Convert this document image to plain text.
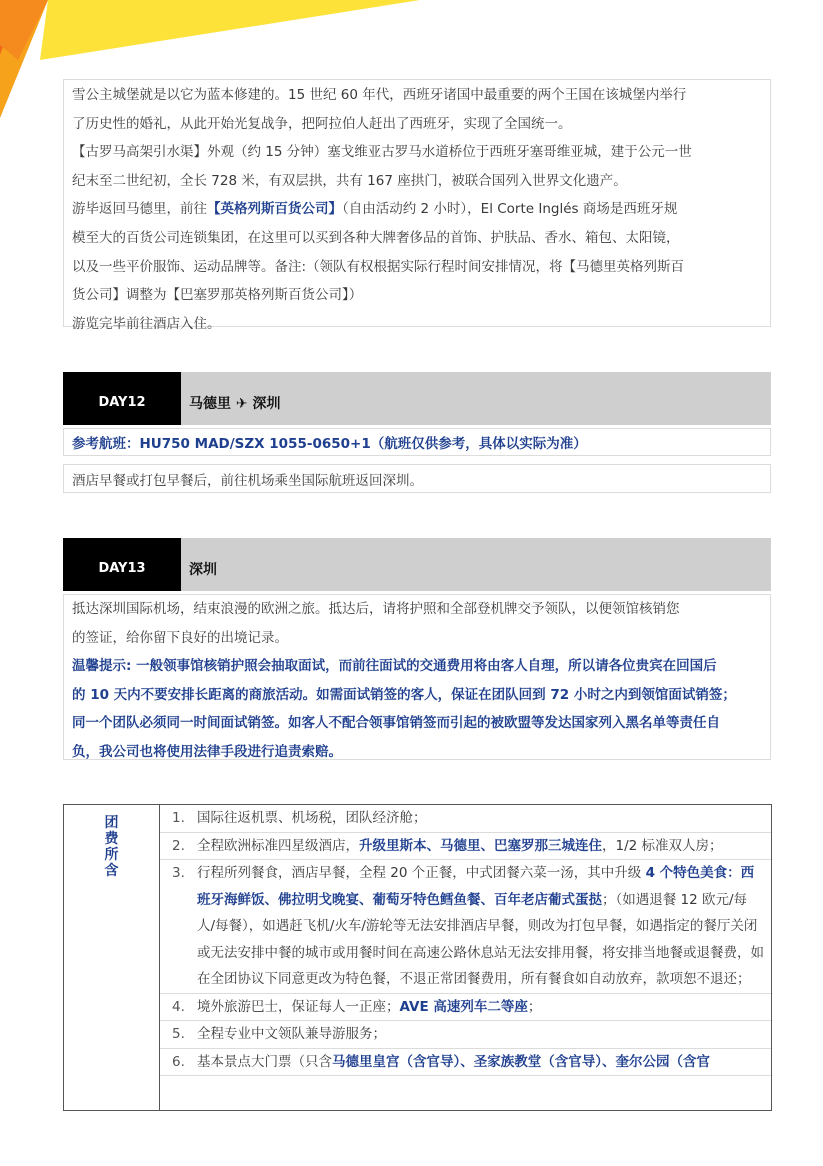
雪公主城堡就是以它为蓝本修建的。15 世纪 60 年代，西班牙诸国中最重要的两个王国在该城堡内举行

了历史性的婚礼，从此开始光复战争，把阿拉伯人赶出了西班牙，实现了全国统一。

【古罗马高架引水渠】外观（约 15 分钟）塞戈维亚古罗马水道桥位于西班牙塞哥维亚城，建于公元一世

纪末至二世纪初，全长 728 米，有双层拱，共有 167 座拱门，被联合国列入世界文化遗产。

游毕返回马德里，前往【英格列斯百货公司】（自由活动约 2 小时），El Corte Inglés 商场是西班牙规

模至大的百货公司连锁集团，在这里可以买到各种大牌奢侈品的首饰、护肤品、香水、箱包、太阳镜，

以及一些平价服饰、运动品牌等。备注:（领队有权根据实际行程时间安排情况，将【马德里英格列斯百

货公司】调整为【巴塞罗那英格列斯百货公司】）

游览完毕前往酒店入住。

DAY12	马德里 ✈ 深圳
参考航班：HU750 MAD/SZX 1055-0650+1（航班仅供参考，具体以实际为准）
酒店早餐或打包早餐后，前往机场乘坐国际航班返回深圳。
DAY13	深圳

抵达深圳国际机场，结束浪漫的欧洲之旅。抵达后，请将护照和全部登机牌交予领队，以便领馆核销您

的签证，给你留下良好的出境记录。

温馨提示: 一般领事馆核销护照会抽取面试，而前往面试的交通费用将由客人自理，所以请各位贵宾在回国后

的 10 天内不要安排长距离的商旅活动。如需面试销签的客人，保证在团队回到 72 小时之内到领馆面试销签；

同一个团队必须同一时间面试销签。如客人不配合领事馆销签而引起的被欧盟等发达国家列入黑名单等责任自

负，我公司也将使用法律手段进行追责索赔。

团费所含
1. 国际往返机票、机场税，团队经济舱；
2. 全程欧洲标准四星级酒店，升级里斯本、马德里、巴塞罗那三城连住，1/2 标准双人房；
3. 行程所列餐食，酒店早餐，全程 20 个正餐，中式团餐六菜一汤，其中升级 4 个特色美食：西班牙海鲜饭、佛拉明戈晚宴、葡萄牙特色鳕鱼餐、百年老店葡式蛋挞；（如遇退餐 12 欧元/每人/每餐），如遇赶飞机/火车/游轮等无法安排酒店早餐，则改为打包早餐，如遇指定的餐厅关闭或无法安排中餐的城市或用餐时间在高速公路休息站无法安排用餐，将安排当地餐或退餐费，如在全团协议下同意更改为特色餐，不退正常团餐费用，所有餐食如自动放弃，款项恕不退还；
4. 境外旅游巴士，保证每人一正座；AVE 高速列车二等座；
5. 全程专业中文领队兼导游服务；
6. 基本景点大门票（只含马德里皇宫（含官导）、圣家族教堂（含官导）、奎尔公园（含官
